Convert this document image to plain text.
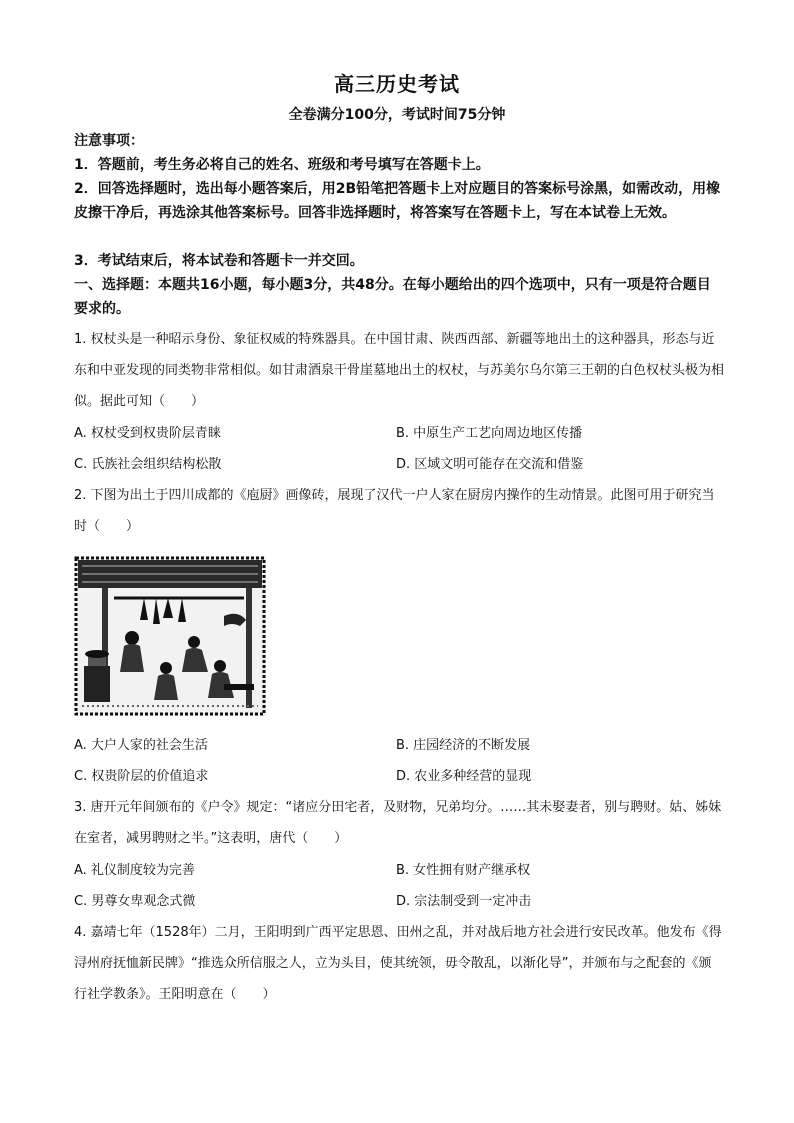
高三历史考试
全卷满分100分，考试时间75分钟
注意事项：
1．答题前，考生务必将自己的姓名、班级和考号填写在答题卡上。
2．回答选择题时，选出每小题答案后，用2B铅笔把答题卡上对应题目的答案标号涂黑，如需改动，用橡皮擦干净后，再选涂其他答案标号。回答非选择题时，将答案写在答题卡上，写在本试卷上无效。
3．考试结束后，将本试卷和答题卡一并交回。
一、选择题：本题共16小题，每小题3分，共48分。在每小题给出的四个选项中，只有一项是符合题目要求的。
1. 权杖头是一种昭示身份、象征权威的特殊器具。在中国甘肃、陕西西部、新疆等地出土的这种器具，形态与近东和中亚发现的同类物非常相似。如甘肃酒泉干骨崖墓地出土的权杖，与苏美尔乌尔第三王朝的白色权杖头极为相似。据此可知（　　）
A. 权杖受到权贵阶层青睐	B. 中原生产工艺向周边地区传播
C. 氏族社会组织结构松散	D. 区域文明可能存在交流和借鉴
2. 下图为出土于四川成都的《庖厨》画像砖，展现了汉代一户人家在厨房内操作的生动情景。此图可用于研究当时（　　）
A. 大户人家的社会生活	B. 庄园经济的不断发展
C. 权贵阶层的价值追求	D. 农业多种经营的显现
3. 唐开元年间颁布的《户令》规定：“诸应分田宅者，及财物，兄弟均分。……其未娶妻者，别与聘财。姑、姊妹在室者，减男聘财之半。”这表明，唐代（　　）
A. 礼仪制度较为完善	B. 女性拥有财产继承权
C. 男尊女卑观念式微	D. 宗法制受到一定冲击
4. 嘉靖七年（1528年）二月，王阳明到广西平定思恩、田州之乱，并对战后地方社会进行安民改革。他发布《得浔州府抚恤新民牌》“推选众所信服之人，立为头目，使其统领，毋令散乱，以渐化导”，并颁布与之配套的《颁行社学教条》。王阳明意在（　　）
